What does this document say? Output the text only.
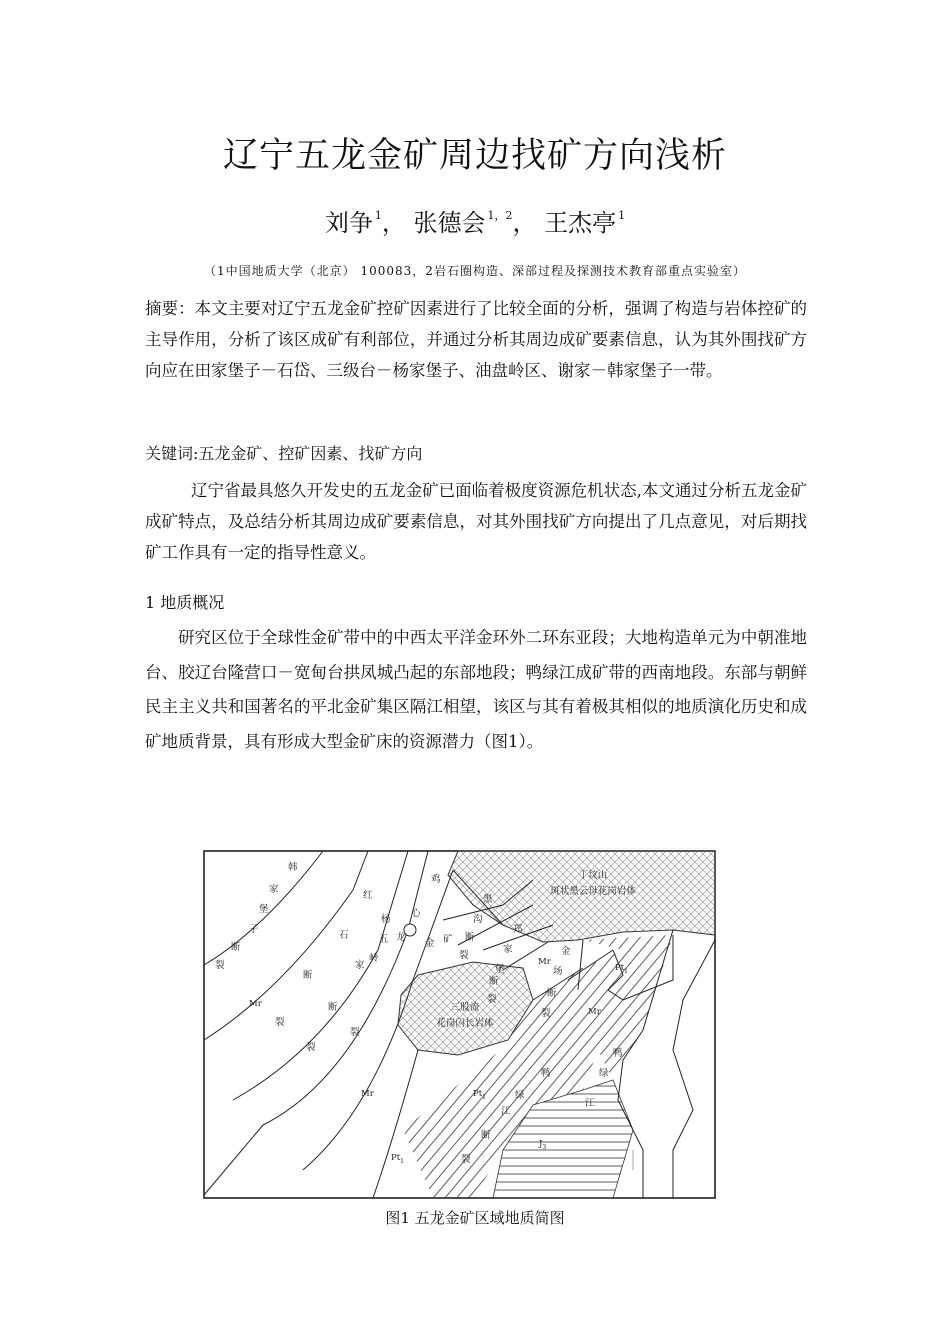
辽宁五龙金矿周边找矿方向浅析
刘争 $^1$， 张德会 $^{1,2}$， 王杰亭 $^1$
（1中国地质大学（北京） 100083，2岩石圈构造、深部过程及探测技术教育部重点实验室）
摘要：本文主要对辽宁五龙金矿控矿因素进行了比较全面的分析，强调了构造与岩体控矿的主导作用，分析了该区成矿有利部位，并通过分析其周边成矿要素信息，认为其外围找矿方向应在田家堡子－石岱、三级台－杨家堡子、油盘岭区、谢家－韩家堡子一带。
关键词:五龙金矿、控矿因素、找矿方向
辽宁省最具悠久开发史的五龙金矿已面临着极度资源危机状态,本文通过分析五龙金矿成矿特点，及总结分析其周边成矿要素信息，对其外围找矿方向提出了几点意见，对后期找矿工作具有一定的指导性意义。
1 地质概况
研究区位于全球性金矿带中的中西太平洋金环外二环东亚段；大地构造单元为中朝准地台、胶辽台隆营口－宽甸台拱凤城凸起的东部地段；鸭绿江成矿带的西南地段。东部与朝鲜民主主义共和国著名的平北金矿集区隔江相望，该区与其有着极其相似的地质演化历史和成矿地质背景，具有形成大型金矿床的资源潜力（图1）。
丁坟山
斑状黑云母花岗岩体
三股流
花岗闪长岩体
韩
家
堡
子
断
裂
红
石
断
裂
杨
家
断
裂
裂
五 龙
岭
鸡
心
金 矿
黑
沟
断
裂
郑
家
堡
断
裂
金
场
断
裂
鸭
绿
江
断
裂
鸭
绿
江
Mr
Mr
Mr
Mr
$Pt_1$
$Pt_1$
$Pt_1$
$J_3$
图1 五龙金矿区域地质简图
